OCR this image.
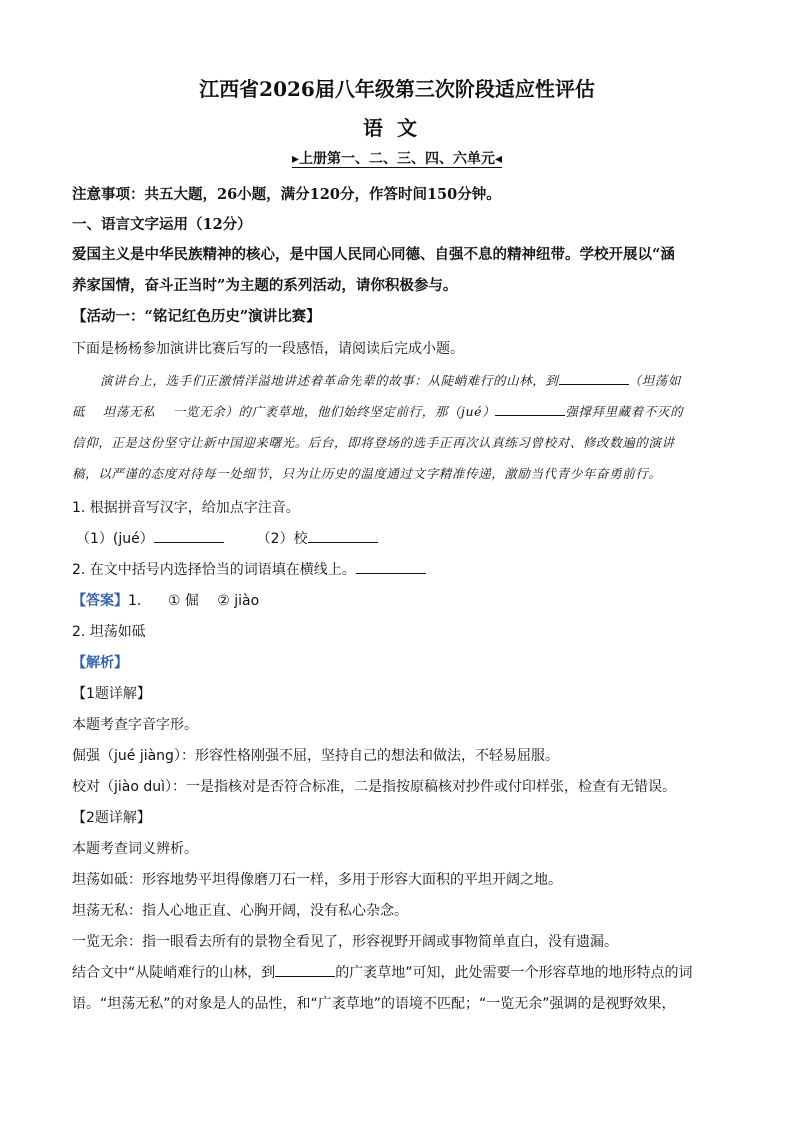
江西省2026届八年级第三次阶段适应性评估
语文
▸上册第一、二、三、四、六单元◂
注意事项：共五大题，26小题，满分120分，作答时间150分钟。
一、语言文字运用（12分）
爱国主义是中华民族精神的核心，是中国人民同心同德、自强不息的精神纽带。学校开展以“涵
养家国情，奋斗正当时”为主题的系列活动，请你积极参与。
【活动一：“铭记红色历史”演讲比赛】
下面是杨杨参加演讲比赛后写的一段感悟，请阅读后完成小题。
演讲台上，选手们正激情洋溢地讲述着革命先辈的故事：从陡峭难行的山林，到	（坦荡如
砥　 坦荡无私　 一览无余）的广袤草地，他们始终坚定前行，那（jué）	强撑拜里藏着不灭的
信仰，正是这份坚守让新中国迎来曙光。后台，即将登场的选手正再次认真练习曾校对、修改数遍的演讲
稿，以严谨的态度对待每一处细节，只为让历史的温度通过文字精准传递，激励当代青少年奋勇前行。
1. 根据拼音写汉字，给加点字注音。
（1）(jué）	（2）校
2. 在文中括号内选择恰当的词语填在横线上。
【答案】1. ① 倔 ② jiào
2. 坦荡如砥
【解析】
【1题详解】
本题考查字音字形。
倔强（jué jiàng）：形容性格刚强不屈，坚持自己的想法和做法，不轻易屈服。
校对（jiào duì）：一是指核对是否符合标准，二是指按原稿核对抄件或付印样张，检查有无错误。
【2题详解】
本题考查词义辨析。
坦荡如砥：形容地势平坦得像磨刀石一样，多用于形容大面积的平坦开阔之地。
坦荡无私：指人心地正直、心胸开阔，没有私心杂念。
一览无余：指一眼看去所有的景物全看见了，形容视野开阔或事物简单直白，没有遗漏。
结合文中“从陡峭难行的山林，到	的广袤草地”可知，此处需要一个形容草地的地形特点的词
语。“坦荡无私”的对象是人的品性，和“广袤草地”的语境不匹配；“一览无余”强调的是视野效果，
